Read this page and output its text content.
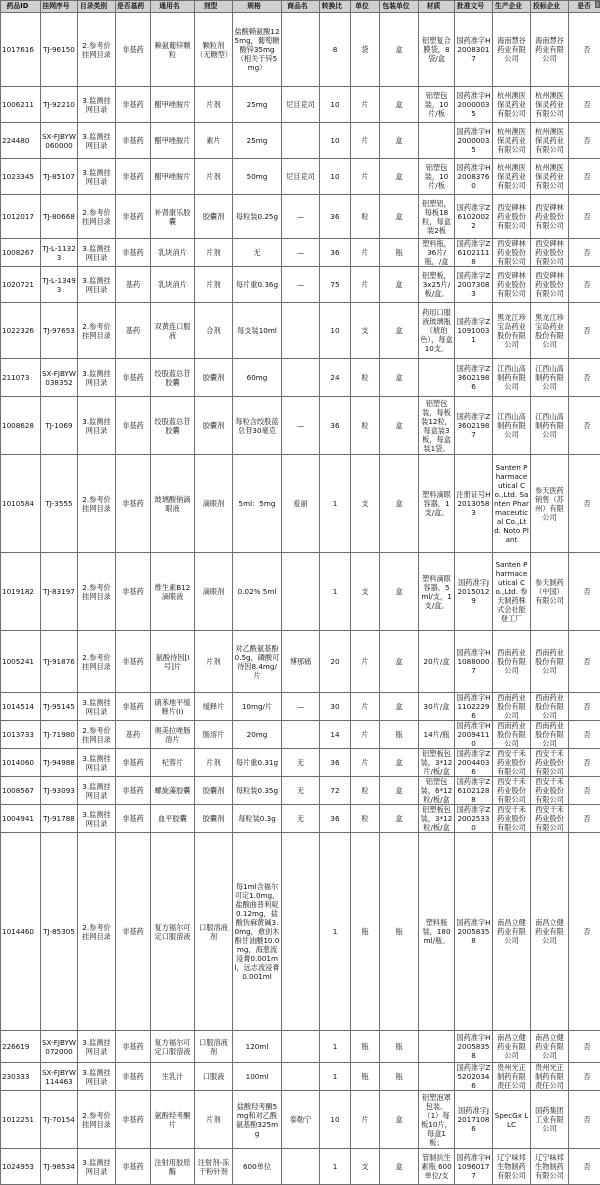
药品ID	挂网序号	目录类别	是否基药	通用名	剂型	规格	商品名	转换比	单位	包装单位	材质	批准文号	生产企业	投标企业	是否

1017616	TJ-96150	2.参考价挂网目录	非基药	赖氨葡锌颗粒	颗粒剂（无糖型）	盐酸赖氨酸125mg，葡萄糖酸锌35mg（相关于锌5mg）		8	袋	盒	铝塑复合膜袋，8袋/盒	国药准字H20083017	海南慧谷药业有限公司	海南慧谷药业有限公司	否
1006211	TJ-92210	3.监测挂网目录	非基药	醋甲唑胺片	片剂	25mg	尼目克司	10	片	盒	铝塑包装，10片/板	国药准字H20000035	杭州澳医保灵药业有限公司	杭州澳医保灵药业有限公司	否
224480	SX-FJBYW060000	3.监测挂网目录	非基药	醋甲唑胺片	素片	25mg		10	片	盒		国药准字H20000035	杭州澳医保灵药业有限公司	杭州澳医保灵药业有限公司	否
1023345	TJ-85107	3.监测挂网目录	非基药	醋甲唑胺片	片剂	50mg	尼目克司	10	片	盒	铝塑包装，10片/板	国药准字H20083760	杭州澳医保灵药业有限公司	杭州澳医保灵药业有限公司	否
1012017	TJ-80668	2.参考价挂网目录	非基药	补肾康乐胶囊	胶囊剂	每粒装0.25g	—	36	粒	盒	铝塑铝，每板18粒，每盒装2板	国药准字Z61020022	西安碑林药业股份有限公司	西安碑林药业股份有限公司	否
1008267	TJ-L-11323	3.监测挂网目录	非基药	乳块消片	片剂	无	—	36	片	瓶	塑料瓶，36片/瓶，/盒	国药准字Z61021118	西安碑林药业股份有限公司	西安碑林药业股份有限公司	否
1020721	TJ-L-13493	3.监测挂网目录	基药	乳块消片	片剂	每片重0.36g	—	75	片	盒	铝塑板，3x25片/板/盒。	国药准字Z20073083	西安碑林药业股份有限公司	西安碑林药业股份有限公司	否
1022326	TJ-97653	2.参考价挂网目录	基药	双黄连口服液	合剂	每支装10ml		10	支	盒	药用口服液玻璃瓶（琥珀色），每盒10支。	国药准字Z10910031	黑龙江珍宝岛药业股份有限公司	黑龙江珍宝岛药业股份有限公司	否
211073	SX-FJBYW038352	3.监测挂网目录	非基药	绞股蓝总苷胶囊	胶囊剂	60mg		24	粒	盒		国药准字Z36021986	江西山高制药有限公司	江西山高制药有限公司	否
1008628	TJ-1069	3.监测挂网目录	非基药	绞股蓝总苷胶囊	胶囊剂	每粒含绞股蓝总苷30毫克	—	36	粒	盒	铝塑包装，每板装12粒，每盒装3板，每盒装1袋。	国药准字Z36021987	江西山高制药有限公司	江西山高制药有限公司	否
1010584	TJ-3555	2.参考价挂网目录	非基药	玻璃酸钠滴眼液	滴眼剂	5ml：5mg	爱丽	1	支	盒	塑料滴眼容器，1支/盒。	注册证号H20130583	Santen Pharmaceutical Co.,Ltd. Santen Pharmaceutical Co.,Ltd. Noto Plant	参天医药销售（苏州）有限公司	否
1019182	TJ-83197	2.参考价挂网目录	非基药	维生素B12滴眼液	滴眼剂	0.02% 5ml		1	支	盒	塑料滴眼容器，5ml/支，1支/盒。	国药准字J20150129	Santen Pharmaceutical Co.,Ltd. 参天制药株式会社能登工厂	参天制药（中国）有限公司	否
1005241	TJ-91876	2.参考价挂网目录	非基药	氨酚待因[Ⅰ号]片	片剂	对乙酰氨基酚0.5g，磷酸可待因8.4mg/片	博那痛	20	片	盒	20片/盒	国药准字H10880007	西南药业股份有限公司	西南药业股份有限公司	否
1014514	TJ-95145	3.监测挂网目录	非基药	硝苯地平缓释片(I)	缓释片	10mg/片	—	30	片	盒	30片/盒	国药准字H11022296	西南药业股份有限公司	西南药业股份有限公司	否
1013733	TJ-71980	2.参考价挂网目录	基药	奥美拉唑肠溶片	肠溶片	20mg		14	片	瓶	14片/瓶	国药准字H20094110	西南药业股份有限公司	西南药业股份有限公司	否
1014060	TJ-94988	3.监测挂网目录	非基药	杞蓉片	片剂	每片重0.31g	无	36	片	盒	铝塑板包装，3*12片/板/盒	国药准字Z20044036	西安千禾药业股份有限公司	西安千禾药业股份有限公司	否
1008567	TJ-93093	3.监测挂网目录	非基药	螺旋藻胶囊	胶囊剂	每粒装0.35g	无	72	粒	盒	铝塑包装，6*12粒/板/盒	国药准字Z61021288	西安千禾药业股份有限公司	西安千禾药业股份有限公司	否
1004941	TJ-91788	3.监测挂网目录	非基药	血平胶囊	胶囊剂	每粒装0.3g	无	36	粒	盒	铝塑板包装，3*12粒/板/盒	国药准字Z20025330	西安千禾药业股份有限公司	西安千禾药业股份有限公司	否
1014460	TJ-85305	2.参考价挂网目录	非基药	复方福尔可定口服溶液	口服溶液剂	每1ml含福尔可定1.0mg，盐酸曲普利啶0.12mg，盐酸伪麻黄碱3.0mg，愈创木酚甘油醚10.0mg，海葱流浸膏0.001ml，远志流浸膏0.001ml		1	瓶	瓶	塑料瓶装，180ml/瓶。	国药准字H20058358	南昌立健药业有限公司	南昌立健药业有限公司	否
226619	SX-FJBYW072000	3.监测挂网目录	非基药	复方福尔可定口服溶液	口服溶液剂	120ml		1	瓶	瓶		国药准字H20058358	南昌立健药业有限公司	南昌立健药业有限公司	否
230333	SX-FJBYW114463	3.监测挂网目录	非基药	生乳汁	口服液	100ml		1	瓶	瓶		国药准字Z52020346	贵州光正制药有限责任公司	贵州光正制药有限责任公司	否
1012251	TJ-70154	2.参考价挂网目录	非基药	氨酚羟考酮片	片剂	盐酸羟考酮5mg和对乙酰氨基酚325mg	泰勒宁	10	片	盒	铝塑泡罩包装。（1）每板10片，每盒1板；	国药准字J20171086	SpecGx LLC	国药集团工业有限公司	否
1024953	TJ-98534	3.监测挂网目录	非基药	注射用胶原酶	注射剂-冻干粉针剂	600单位		1	支	盒	管制抗生素瓶 600单位/支	国药准字H10960177	辽宁味邦生物制药有限公司	辽宁味邦生物制药有限公司	否
